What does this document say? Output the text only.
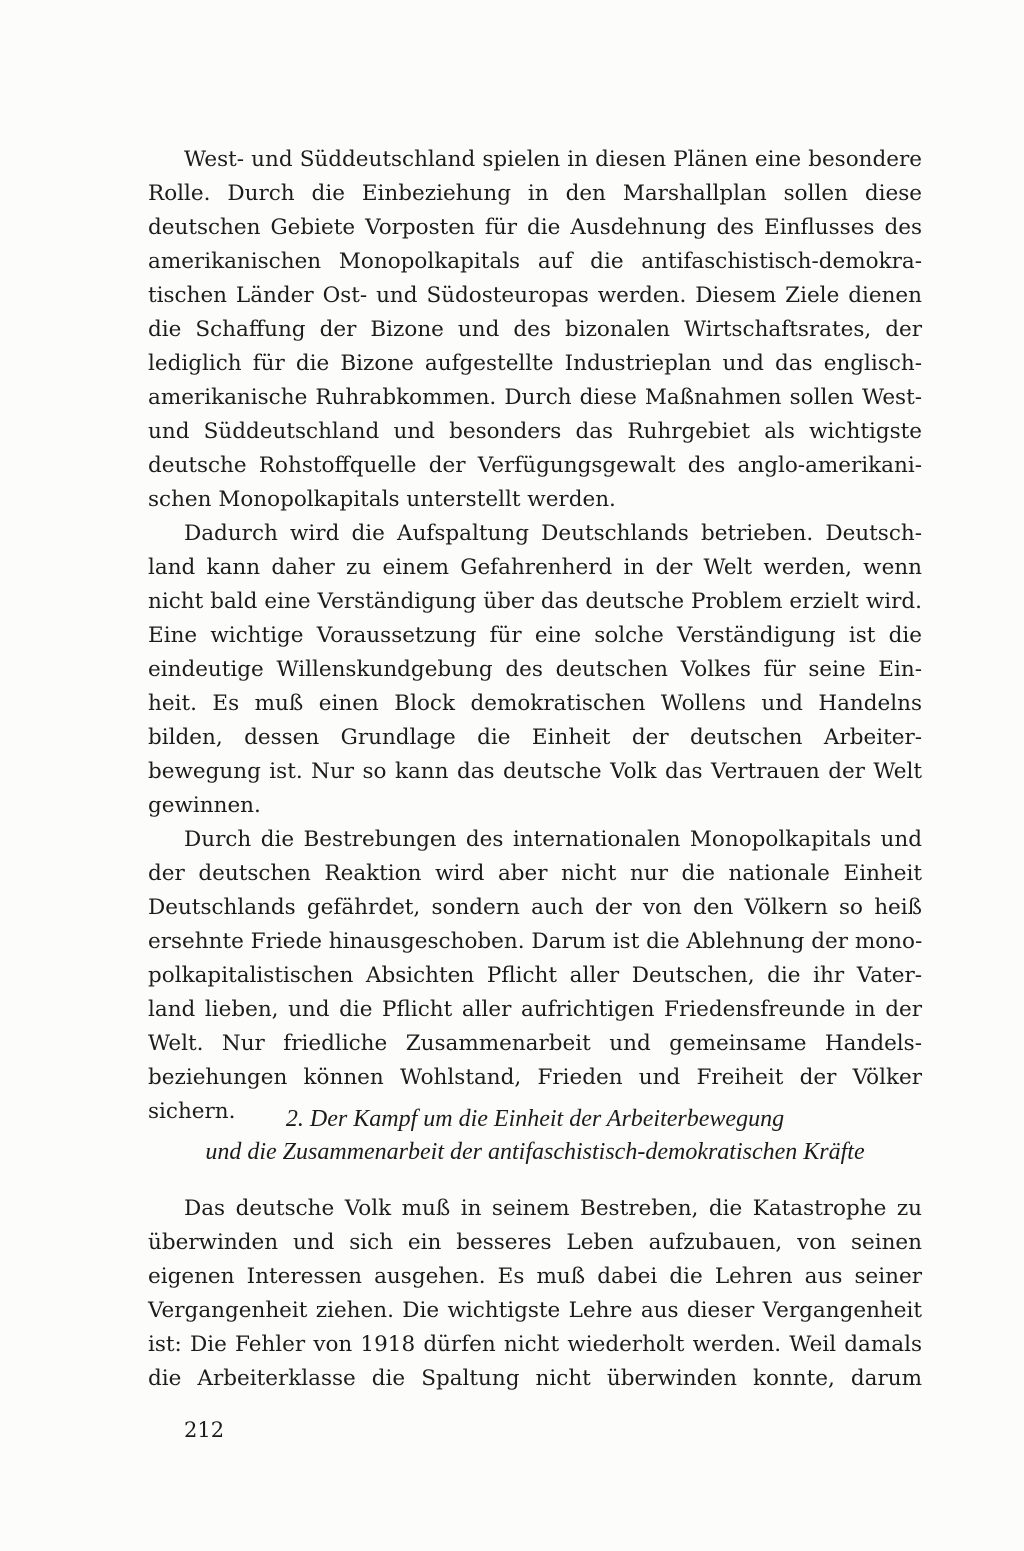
West- und Süddeutschland spielen in diesen Plänen eine besondere
Rolle. Durch die Einbeziehung in den Marshallplan sollen diese
deutschen Gebiete Vorposten für die Ausdehnung des Einflusses des
amerikanischen Monopolkapitals auf die antifaschistisch-demokra-
tischen Länder Ost- und Südosteuropas werden. Diesem Ziele dienen
die Schaffung der Bizone und des bizonalen Wirtschaftsrates, der
lediglich für die Bizone aufgestellte Industrieplan und das englisch-
amerikanische Ruhrabkommen. Durch diese Maßnahmen sollen West-
und Süddeutschland und besonders das Ruhrgebiet als wichtigste
deutsche Rohstoffquelle der Verfügungsgewalt des anglo-amerikani-
schen Monopolkapitals unterstellt werden.
Dadurch wird die Aufspaltung Deutschlands betrieben. Deutsch-
land kann daher zu einem Gefahrenherd in der Welt werden, wenn
nicht bald eine Verständigung über das deutsche Problem erzielt wird.
Eine wichtige Voraussetzung für eine solche Verständigung ist die
eindeutige Willenskundgebung des deutschen Volkes für seine Ein-
heit. Es muß einen Block demokratischen Wollens und Handelns
bilden, dessen Grundlage die Einheit der deutschen Arbeiter-
bewegung ist. Nur so kann das deutsche Volk das Vertrauen der Welt
gewinnen.
Durch die Bestrebungen des internationalen Monopolkapitals und
der deutschen Reaktion wird aber nicht nur die nationale Einheit
Deutschlands gefährdet, sondern auch der von den Völkern so heiß
ersehnte Friede hinausgeschoben. Darum ist die Ablehnung der mono-
polkapitalistischen Absichten Pflicht aller Deutschen, die ihr Vater-
land lieben, und die Pflicht aller aufrichtigen Friedensfreunde in der
Welt. Nur friedliche Zusammenarbeit und gemeinsame Handels-
beziehungen können Wohlstand, Frieden und Freiheit der Völker
sichern.	2. Der Kampf um die Einheit der Arbeiterbewegung
und die Zusammenarbeit der antifaschistisch-demokratischen Kräfte
Das deutsche Volk muß in seinem Bestreben, die Katastrophe zu
überwinden und sich ein besseres Leben aufzubauen, von seinen
eigenen Interessen ausgehen. Es muß dabei die Lehren aus seiner
Vergangenheit ziehen. Die wichtigste Lehre aus dieser Vergangenheit
ist: Die Fehler von 1918 dürfen nicht wiederholt werden. Weil damals
die Arbeiterklasse die Spaltung nicht überwinden konnte, darum
212
